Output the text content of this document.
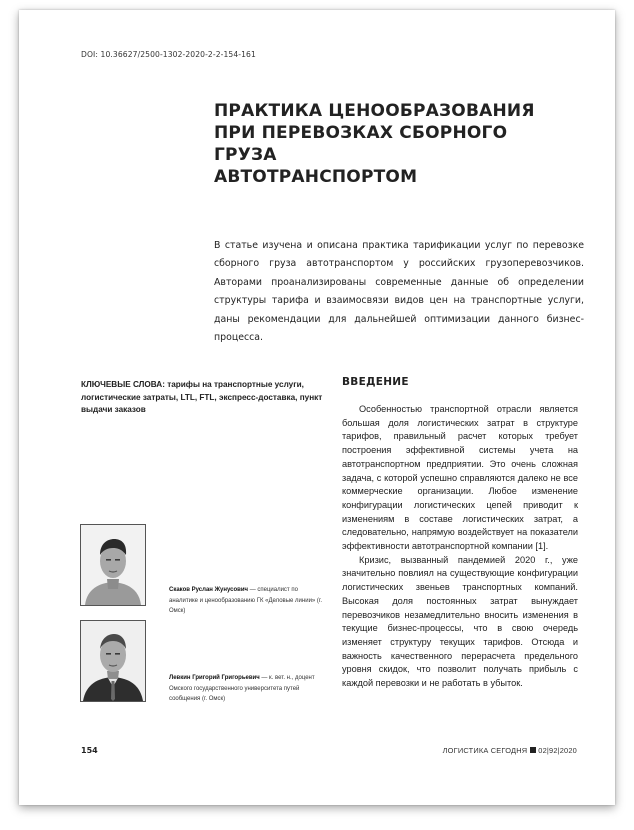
DOI: 10.36627/2500-1302-2020-2-2-154-161
ПРАКТИКА ЦЕНООБРАЗОВАНИЯ
ПРИ ПЕРЕВОЗКАХ СБОРНОГО ГРУЗА
АВТОТРАНСПОРТОМ

В статье изучена и описана практика тарификации услуг по перевозке сборного груза автотранспортом у российских грузоперевозчиков. Авторами проанализированы современные данные об определении структуры тарифа и взаимосвязи видов цен на транспортные услуги, даны рекомендации для дальнейшей оптимизации данного бизнес-процесса.

КЛЮЧЕВЫЕ СЛОВА: тарифы на транспортные услуги, логистические затраты, LTL, FTL, экспресс-доставка, пункт выдачи заказов

Скаков Руслан Жунусович — специалист по аналитике и ценообразованию ГК «Деловые линии» (г. Омск)

Левкин Григорий Григорьевич — к. вет. н., доцент Омского государственного университета путей сообщения (г. Омск)

ВВЕДЕНИЕ

Особенностью транспортной отрасли является большая доля логистических затрат в структуре тарифов, правильный расчет которых требует построения эффективной системы учета на автотранспортном предприятии. Это очень сложная задача, с которой успешно справляются далеко не все коммерческие организации. Любое изменение конфигурации логистических цепей приводит к изменениям в составе логистических затрат, а следовательно, напрямую воздействует на показатели эффективности автотранспортной компании [1].

Кризис, вызванный пандемией 2020 г., уже значительно повлиял на существующие конфигурации логистических звеньев транспортных компаний. Высокая доля постоянных затрат вынуждает перевозчиков незамедлительно вносить изменения в текущие бизнес-процессы, что в свою очередь изменяет структуру текущих тарифов. Отсюда и важность качественного перерасчета предельного уровня скидок, что позволит получать прибыль с каждой перевозки и не работать в убыток.

154	ЛОГИСТИКА СЕГОДНЯ 02|92|2020
